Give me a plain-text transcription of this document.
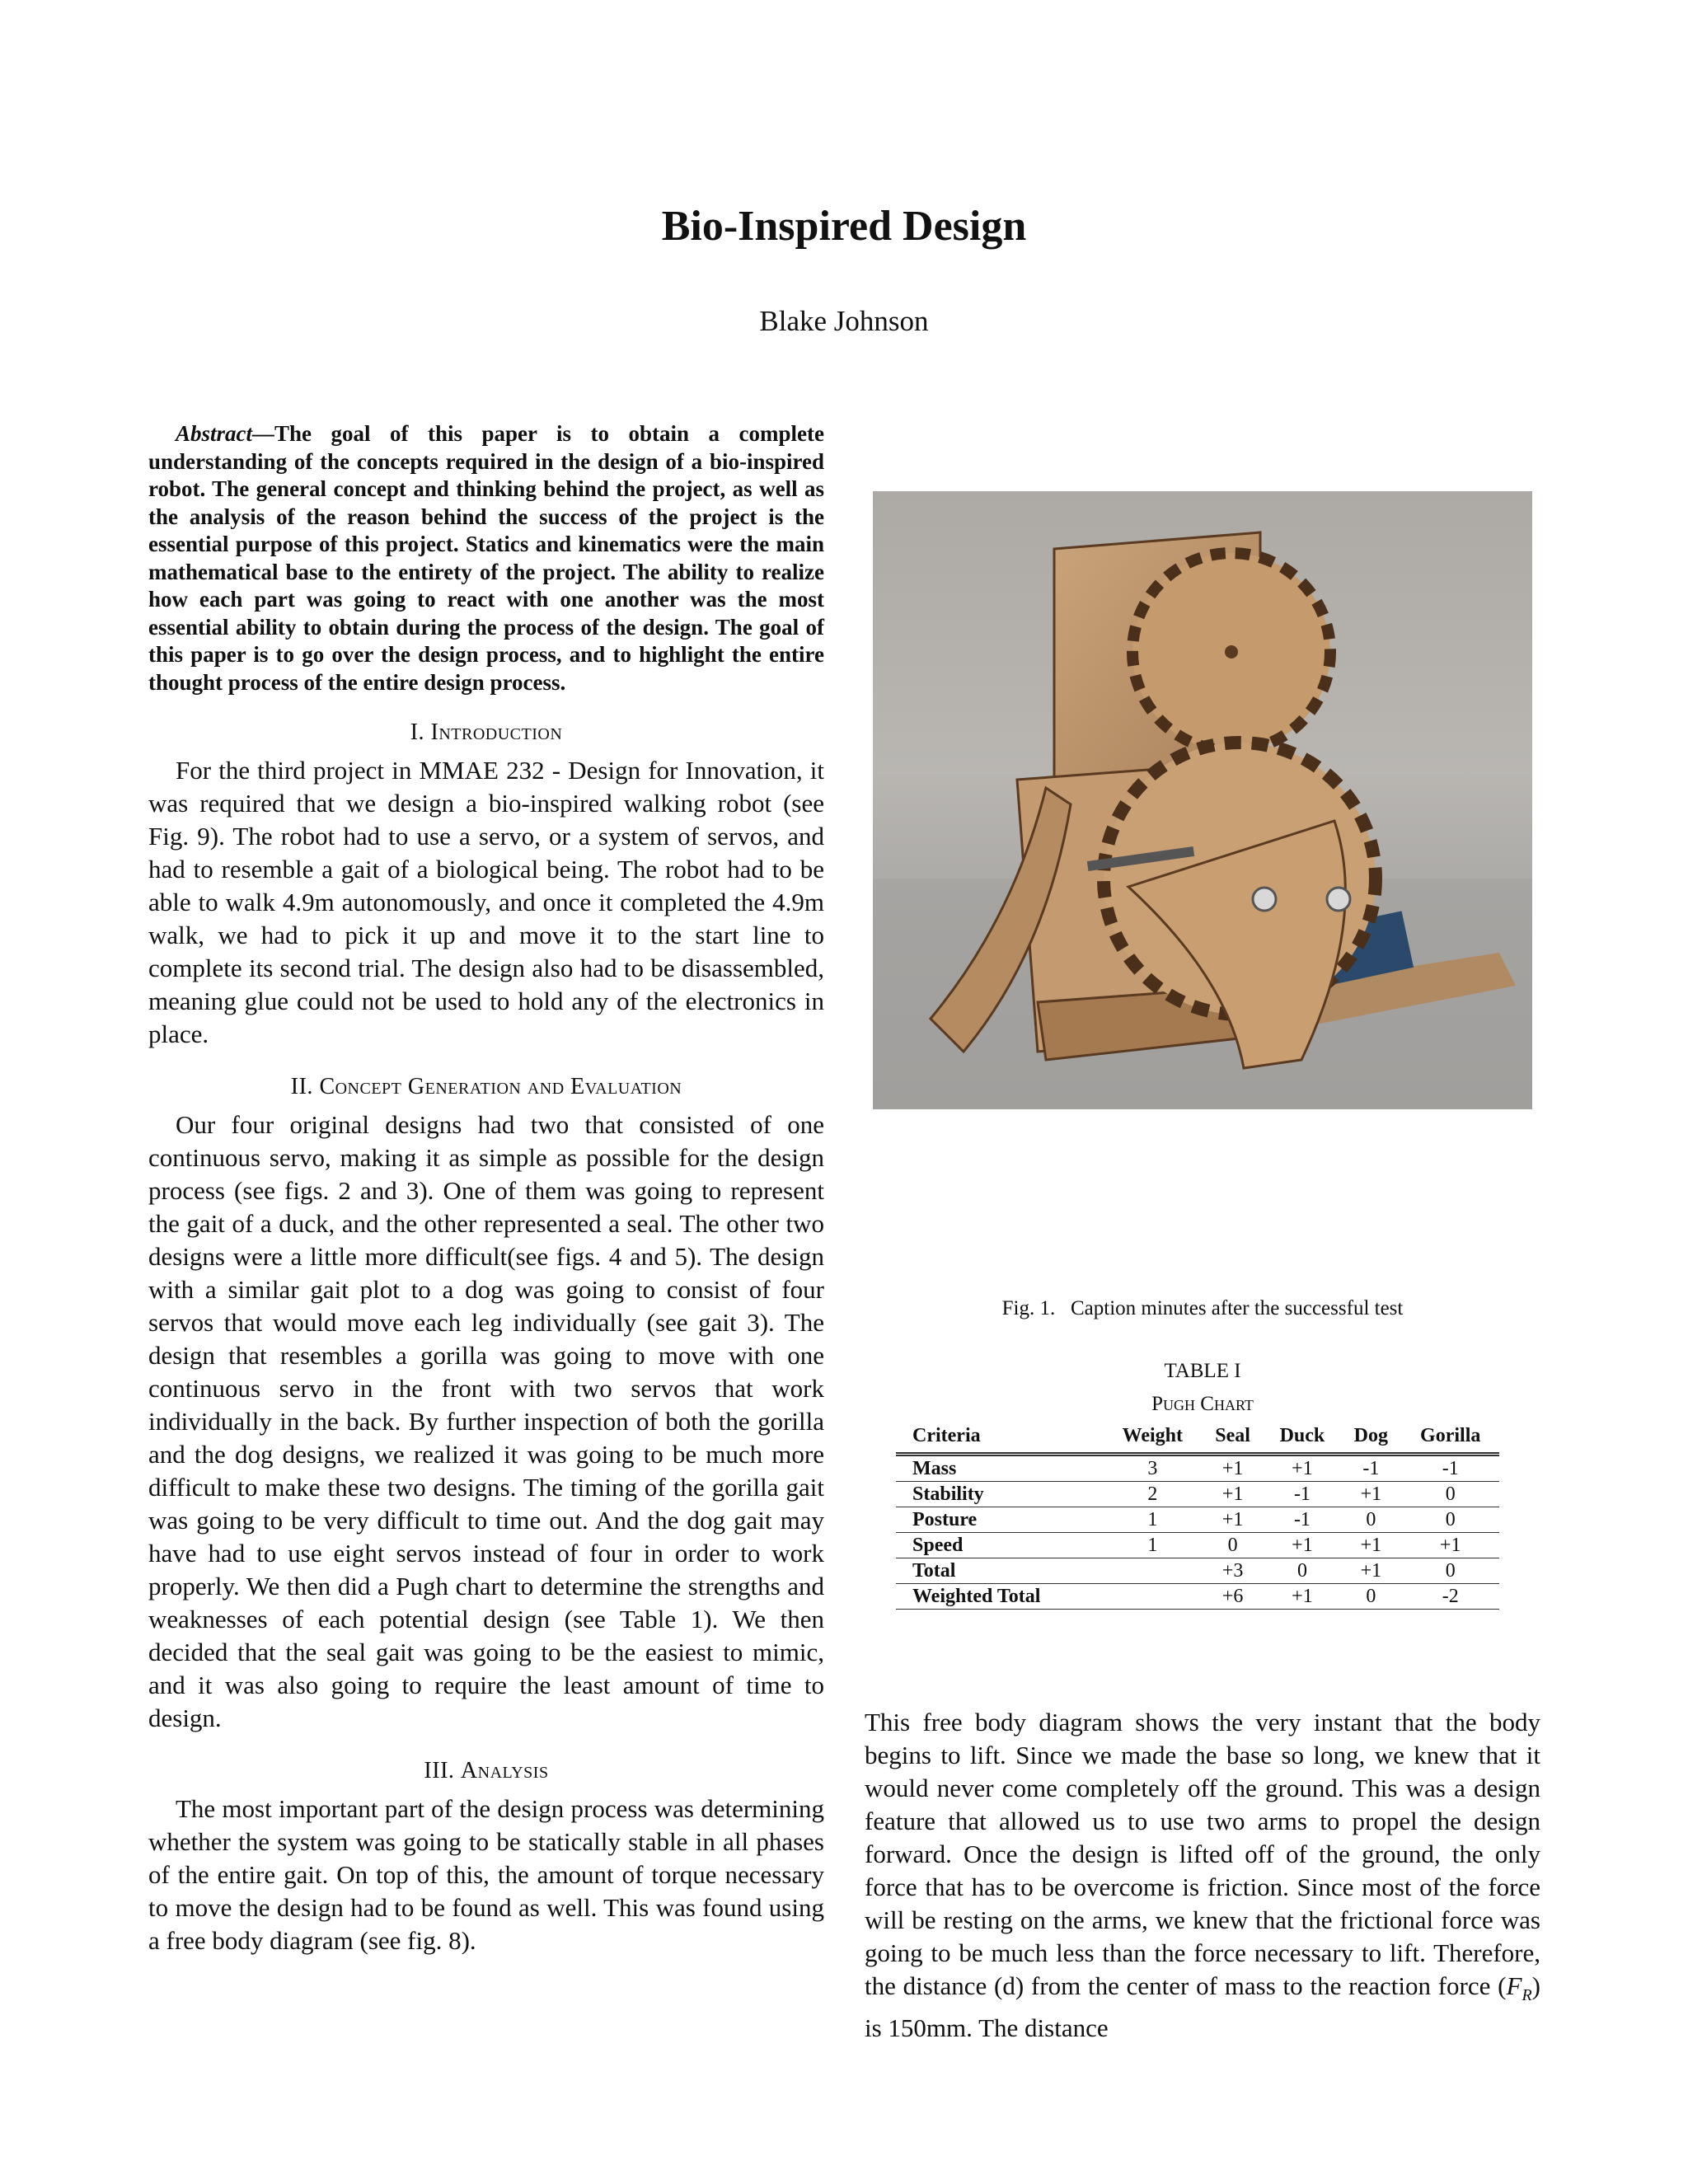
Bio-Inspired Design
Blake Johnson

Abstract—The goal of this paper is to obtain a complete understanding of the concepts required in the design of a bio-inspired robot. The general concept and thinking behind the project, as well as the analysis of the reason behind the success of the project is the essential purpose of this project. Statics and kinematics were the main mathematical base to the entirety of the project. The ability to realize how each part was going to react with one another was the most essential ability to obtain during the process of the design. The goal of this paper is to go over the design process, and to highlight the entire thought process of the entire design process.

I. Introduction

For the third project in MMAE 232 - Design for Innovation, it was required that we design a bio-inspired walking robot (see Fig. 9). The robot had to use a servo, or a system of servos, and had to resemble a gait of a biological being. The robot had to be able to walk 4.9m autonomously, and once it completed the 4.9m walk, we had to pick it up and move it to the start line to complete its second trial. The design also had to be disassembled, meaning glue could not be used to hold any of the electronics in place.

II. Concept Generation and Evaluation

Our four original designs had two that consisted of one continuous servo, making it as simple as possible for the design process (see figs. 2 and 3). One of them was going to represent the gait of a duck, and the other represented a seal. The other two designs were a little more difficult(see figs. 4 and 5). The design with a similar gait plot to a dog was going to consist of four servos that would move each leg individually (see gait 3). The design that resembles a gorilla was going to move with one continuous servo in the front with two servos that work individually in the back. By further inspection of both the gorilla and the dog designs, we realized it was going to be much more difficult to make these two designs. The timing of the gorilla gait was going to be very difficult to time out. And the dog gait may have had to use eight servos instead of four in order to work properly. We then did a Pugh chart to determine the strengths and weaknesses of each potential design (see Table 1). We then decided that the seal gait was going to be the easiest to mimic, and it was also going to require the least amount of time to design.

III. Analysis

The most important part of the design process was determining whether the system was going to be statically stable in all phases of the entire gait. On top of this, the amount of torque necessary to move the design had to be found as well. This was found using a free body diagram (see fig. 8).

Fig. 1. Caption minutes after the successful test
TABLE I
Pugh Chart
Criteria	Weight	Seal	Duck	Dog	Gorilla
Mass	3	+1	+1	-1	-1
Stability	2	+1	-1	+1	0
Posture	1	+1	-1	0	0
Speed	1	0	+1	+1	+1
Total		+3	0	+1	0
Weighted Total		+6	+1	0	-2

This free body diagram shows the very instant that the body begins to lift. Since we made the base so long, we knew that it would never come completely off the ground. This was a design feature that allowed us to use two arms to propel the design forward. Once the design is lifted off of the ground, the only force that has to be overcome is friction. Since most of the force will be resting on the arms, we knew that the frictional force was going to be much less than the force necessary to lift. Therefore, the distance (d) from the center of mass to the reaction force $(F_R)$ is 150mm. The distance
